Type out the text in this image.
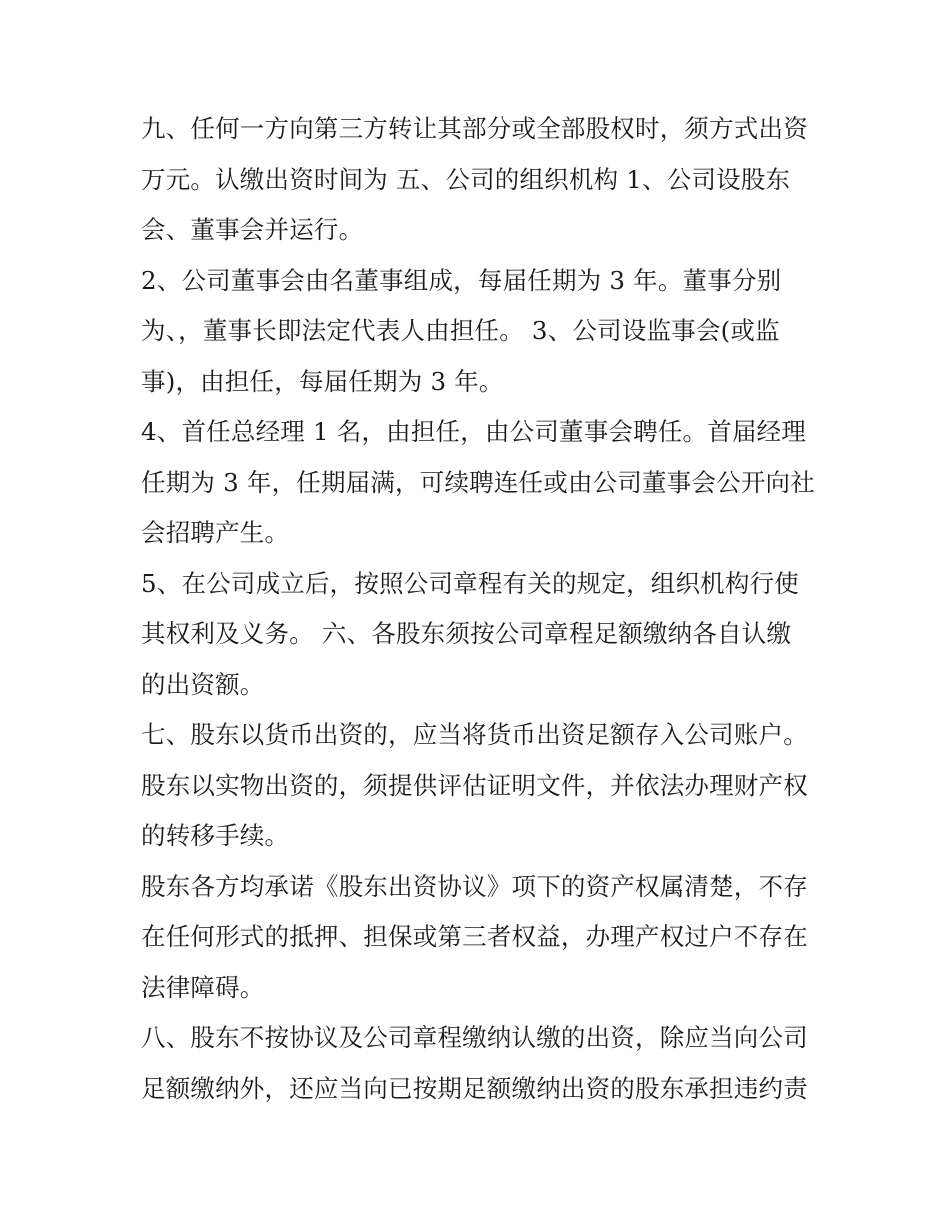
九、任何一方向第三方转让其部分或全部股权时，须方式出资
万元。认缴出资时间为 五、公司的组织机构 1、公司设股东
会、董事会并运行。
2、公司董事会由名董事组成，每届任期为 3 年。董事分别
为、，董事长即法定代表人由担任。 3、公司设监事会(或监
事)，由担任，每届任期为 3 年。
4、首任总经理 1 名，由担任，由公司董事会聘任。首届经理
任期为 3 年，任期届满，可续聘连任或由公司董事会公开向社
会招聘产生。
5、在公司成立后，按照公司章程有关的规定，组织机构行使
其权利及义务。 六、各股东须按公司章程足额缴纳各自认缴
的出资额。
七、股东以货币出资的，应当将货币出资足额存入公司账户。
股东以实物出资的，须提供评估证明文件，并依法办理财产权
的转移手续。
股东各方均承诺《股东出资协议》项下的资产权属清楚，不存
在任何形式的抵押、担保或第三者权益，办理产权过户不存在
法律障碍。
八、股东不按协议及公司章程缴纳认缴的出资，除应当向公司
足额缴纳外，还应当向已按期足额缴纳出资的股东承担违约责
